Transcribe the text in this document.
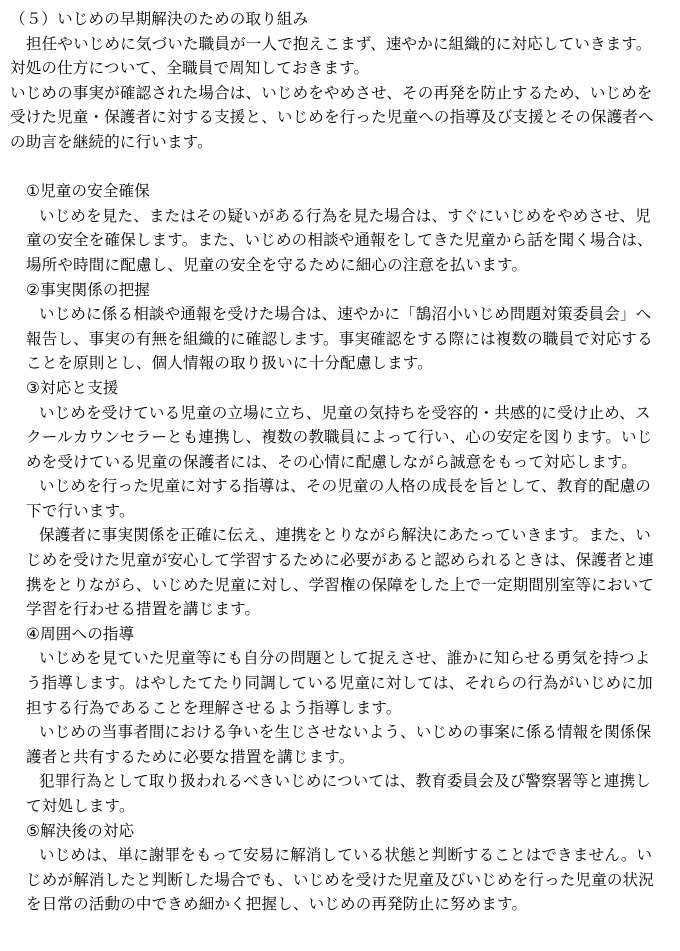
（５）いじめの早期解決のための取り組み
担任やいじめに気づいた職員が一人で抱えこまず、速やかに組織的に対応していきます。
対処の仕方について、全職員で周知しておきます。
いじめの事実が確認された場合は、いじめをやめさせ、その再発を防止するため、いじめを
受けた児童・保護者に対する支援と、いじめを行った児童への指導及び支援とその保護者へ
の助言を継続的に行います。
①児童の安全確保
いじめを見た、またはその疑いがある行為を見た場合は、すぐにいじめをやめさせ、児
童の安全を確保します。また、いじめの相談や通報をしてきた児童から話を聞く場合は、
場所や時間に配慮し、児童の安全を守るために細心の注意を払います。
②事実関係の把握
いじめに係る相談や通報を受けた場合は、速やかに「鵠沼小いじめ問題対策委員会」へ
報告し、事実の有無を組織的に確認します。事実確認をする際には複数の職員で対応する
ことを原則とし、個人情報の取り扱いに十分配慮します。
③対応と支援
いじめを受けている児童の立場に立ち、児童の気持ちを受容的・共感的に受け止め、ス
クールカウンセラーとも連携し、複数の教職員によって行い、心の安定を図ります。いじ
めを受けている児童の保護者には、その心情に配慮しながら誠意をもって対応します。
いじめを行った児童に対する指導は、その児童の人格の成長を旨として、教育的配慮の
下で行います。
保護者に事実関係を正確に伝え、連携をとりながら解決にあたっていきます。また、い
じめを受けた児童が安心して学習するために必要があると認められるときは、保護者と連
携をとりながら、いじめた児童に対し、学習権の保障をした上で一定期間別室等において
学習を行わせる措置を講じます。
④周囲への指導
いじめを見ていた児童等にも自分の問題として捉えさせ、誰かに知らせる勇気を持つよ
う指導します。はやしたてたり同調している児童に対しては、それらの行為がいじめに加
担する行為であることを理解させるよう指導します。
いじめの当事者間における争いを生じさせないよう、いじめの事案に係る情報を関係保
護者と共有するために必要な措置を講じます。
犯罪行為として取り扱われるべきいじめについては、教育委員会及び警察署等と連携し
て対処します。
⑤解決後の対応
いじめは、単に謝罪をもって安易に解消している状態と判断することはできません。い
じめが解消したと判断した場合でも、いじめを受けた児童及びいじめを行った児童の状況
を日常の活動の中できめ細かく把握し、いじめの再発防止に努めます。
